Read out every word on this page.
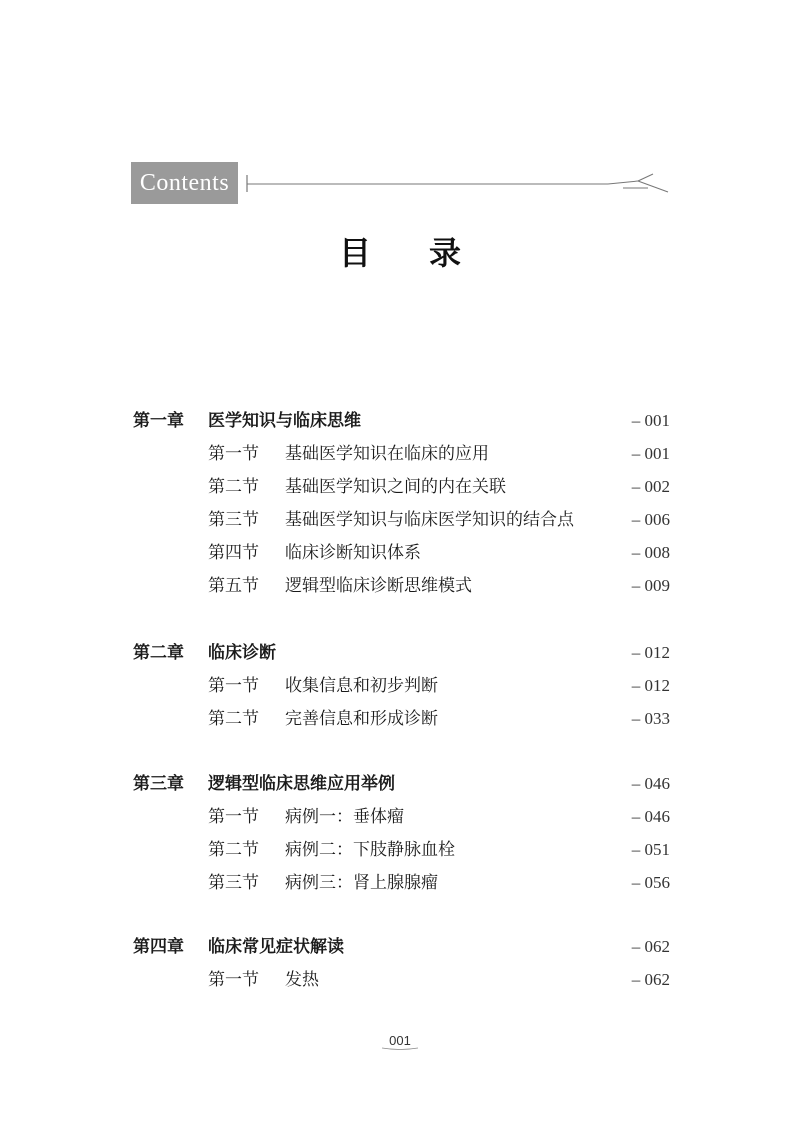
Contents
目录
第一章 医学知识与临床思维	– 001
第一节 基础医学知识在临床的应用	– 001
第二节 基础医学知识之间的内在关联	– 002
第三节 基础医学知识与临床医学知识的结合点	– 006
第四节 临床诊断知识体系	– 008
第五节 逻辑型临床诊断思维模式	– 009
第二章 临床诊断	– 012
第一节 收集信息和初步判断	– 012
第二节 完善信息和形成诊断	– 033
第三章 逻辑型临床思维应用举例	– 046
第一节 病例一：垂体瘤	– 046
第二节 病例二：下肢静脉血栓	– 051
第三节 病例三：肾上腺腺瘤	– 056
第四章 临床常见症状解读	– 062
第一节 发热	– 062
001
